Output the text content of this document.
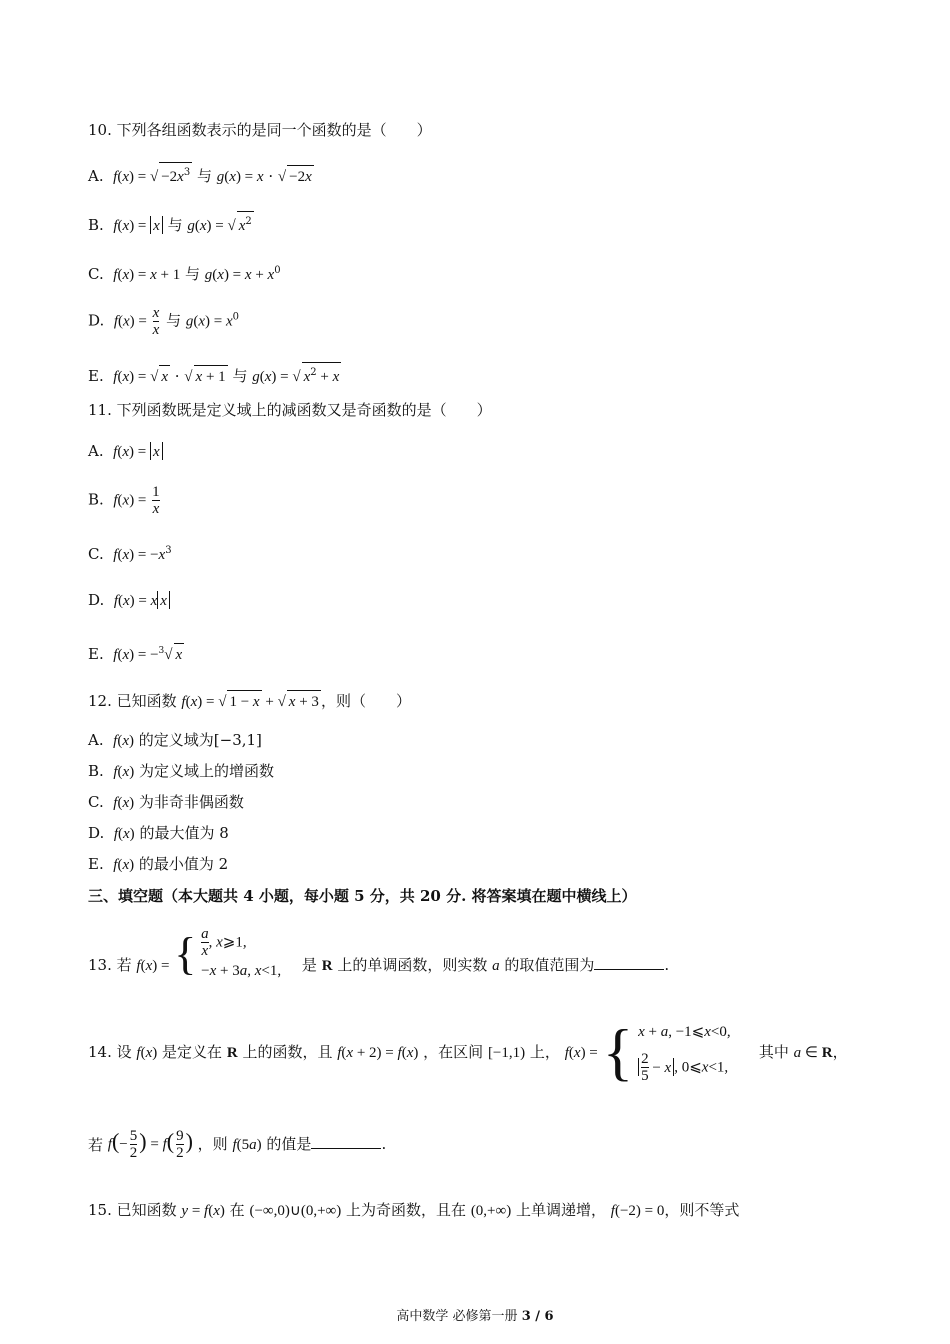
10. 下列各组函数表示的是同一个函数的是（　　）
A. f(x) = √ $-2x^3$ 与 g(x) = x · √ −2x
B. f(x) = x 与 g(x) = √ $x^2$
C. f(x) = x + 1 与 $g(x) = x + x^0$
D. $f(x) = \frac{x}{x}$ 与 $g(x) = x^0$
E. f(x) = √ x · √ x + 1 与 g(x) = √ $x^2 + x$
11. 下列函数既是定义域上的减函数又是奇函数的是（　　）
A. f(x) = x
B. $f(x) = \frac{1}{x}$
C. $f(x) = -x^3$
D. f(x) = x x
E. f(x) = −$^3$√ x
12. 已知函数 f(x) = √ 1 − x + √ x + 3 ，则（　　）
A. f(x) 的定义域为[−3,1]
B. f(x) 为定义域上的增函数
C. f(x) 为非奇非偶函数
D. f(x) 的最大值为 8
E. f(x) 的最小值为 2
三、填空题（本大题共 4 小题，每小题 5 分，共 20 分. 将答案填在题中横线上）
13. 若 f(x) = { $\frac{a}{x}$ , x⩾1,
−x + 3a, x<1,	是 R 上的单调函数，则实数 a 的取值范围为	.
14. 设 f(x) 是定义在 R 上的函数，且 f(x + 2) = f(x) ，在区间 [−1,1) 上， f(x) = { x + a, −1⩽x<0,
$\frac{2}{5} - x$ , 0⩽x<1,
其中 a ∈ R，
若 $f(- \frac{5}{2}$ ) = $f( \frac{9}{2}$ ) ，则 f(5a) 的值是	.
15. 已知函数 y = f(x) 在 (−∞,0)∪(0,+∞) 上为奇函数，且在 (0,+∞) 上单调递增， f(−2) = 0，则不等式
高中数学 必修第一册 3 / 6
